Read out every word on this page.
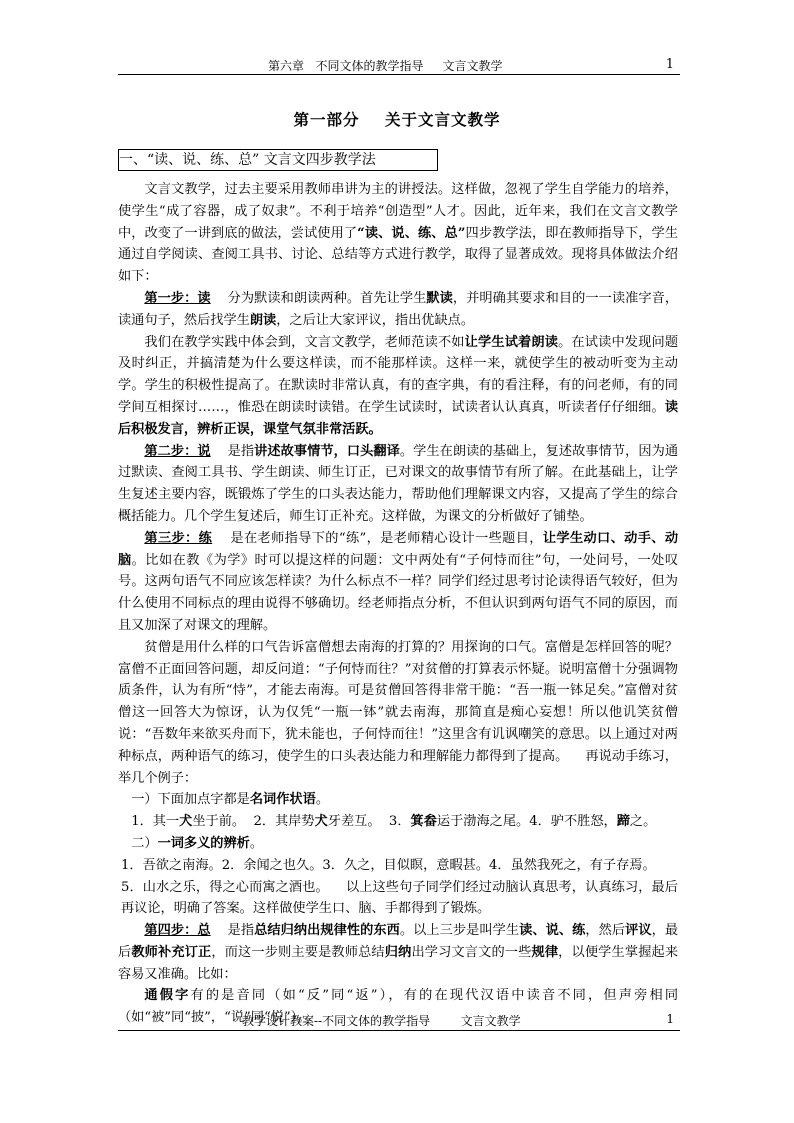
第六章   不同文体的教学指导     文言文教学	1
第一部分    关于文言文教学
一、“读、说、练、总” 文言文四步教学法

文言文教学，过去主要采用教师串讲为主的讲授法。这样做，忽视了学生自学能力的培养，使学生“成了容器，成了奴隶”。不利于培养“创造型”人才。因此，近年来，我们在文言文教学中，改变了一讲到底的做法，尝试使用了“读、说、练、总”四步教学法，即在教师指导下，学生通过自学阅读、查阅工具书、讨论、总结等方式进行教学，取得了显著成效。现将具体做法介绍如下：

第一步：读 分为默读和朗读两种。首先让学生默读，并明确其要求和目的一一读准字音，读通句子，然后找学生朗读，之后让大家评议，指出优缺点。

我们在教学实践中体会到，文言文教学，老师范读不如让学生试着朗读。在试读中发现问题及时纠正，并搞清楚为什么要这样读，而不能那样读。这样一来，就使学生的被动听变为主动学。学生的积极性提高了。在默读时非常认真，有的查字典，有的看注释，有的问老师，有的同学间互相探讨……，惟恐在朗读时读错。在学生试读时，试读者认认真真，听读者仔仔细细。读后积极发言，辨析正误，课堂气氛非常活跃。

第二步：说 是指讲述故事情节，口头翻译。学生在朗读的基础上，复述故事情节，因为通过默读、查阅工具书、学生朗读、师生订正，已对课文的故事情节有所了解。在此基础上，让学生复述主要内容，既锻炼了学生的口头表达能力，帮助他们理解课文内容，又提高了学生的综合概括能力。几个学生复述后，师生订正补充。这样做，为课文的分析做好了铺垫。

第三步：练 是在老师指导下的“练”，是老师精心设计一些题目，让学生动口、动手、动脑。比如在教《为学》时可以提这样的问题：文中两处有“子何恃而往”句，一处问号，一处叹号。这两句语气不同应该怎样读？为什么标点不一样？同学们经过思考讨论读得语气较好，但为什么使用不同标点的理由说得不够确切。经老师指点分析，不但认识到两句语气不同的原因，而且又加深了对课文的理解。

贫僧是用什么样的口气告诉富僧想去南海的打算的？用探询的口气。富僧是怎样回答的呢？富僧不正面回答问题，却反问道：“子何恃而往？”对贫僧的打算表示怀疑。说明富僧十分强调物质条件，认为有所“恃”，才能去南海。可是贫僧回答得非常干脆：“吾一瓶一钵足矣。”富僧对贫僧这一回答大为惊讶，认为仅凭“一瓶一钵”就去南海，那简直是痴心妄想！所以他讥笑贫僧说：“吾数年来欲买舟而下，犹未能也，子何恃而往！”这里含有讥讽嘲笑的意思。以上通过对两种标点，两种语气的练习，使学生的口头表达能力和理解能力都得到了提高。    再说动手练习，举几个例子：

一）下面加点字都是名词作状语。

1．其一犬坐于前。  2．其岸势犬牙差互。  3．箕畚运于渤海之尾。4．驴不胜怒，蹄之。

二）一词多义的辨析。

1．吾欲之南海。2．余闻之也久。3．久之，目似瞑，意暇甚。4．虽然我死之，有子存焉。

5．山水之乐，得之心而寓之酒也。    以上这些句子同学们经过动脑认真思考，认真练习，最后再议论，明确了答案。这样做使学生口、脑、手都得到了锻炼。

第四步：总 是指总结归纳出规律性的东西。以上三步是叫学生读、说、练，然后评议，最后教师补充订正，而这一步则主要是教师总结归纳出学习文言文的一些规律，以便学生掌握起来容易又准确。比如：

通假字有的是音同（如“反”同“返”），有的在现代汉语中读音不同，但声旁相同（如“被”同“披”，“说”同“悦”）。

教学设计教案--不同文体的教学指导        文言文教学	1
